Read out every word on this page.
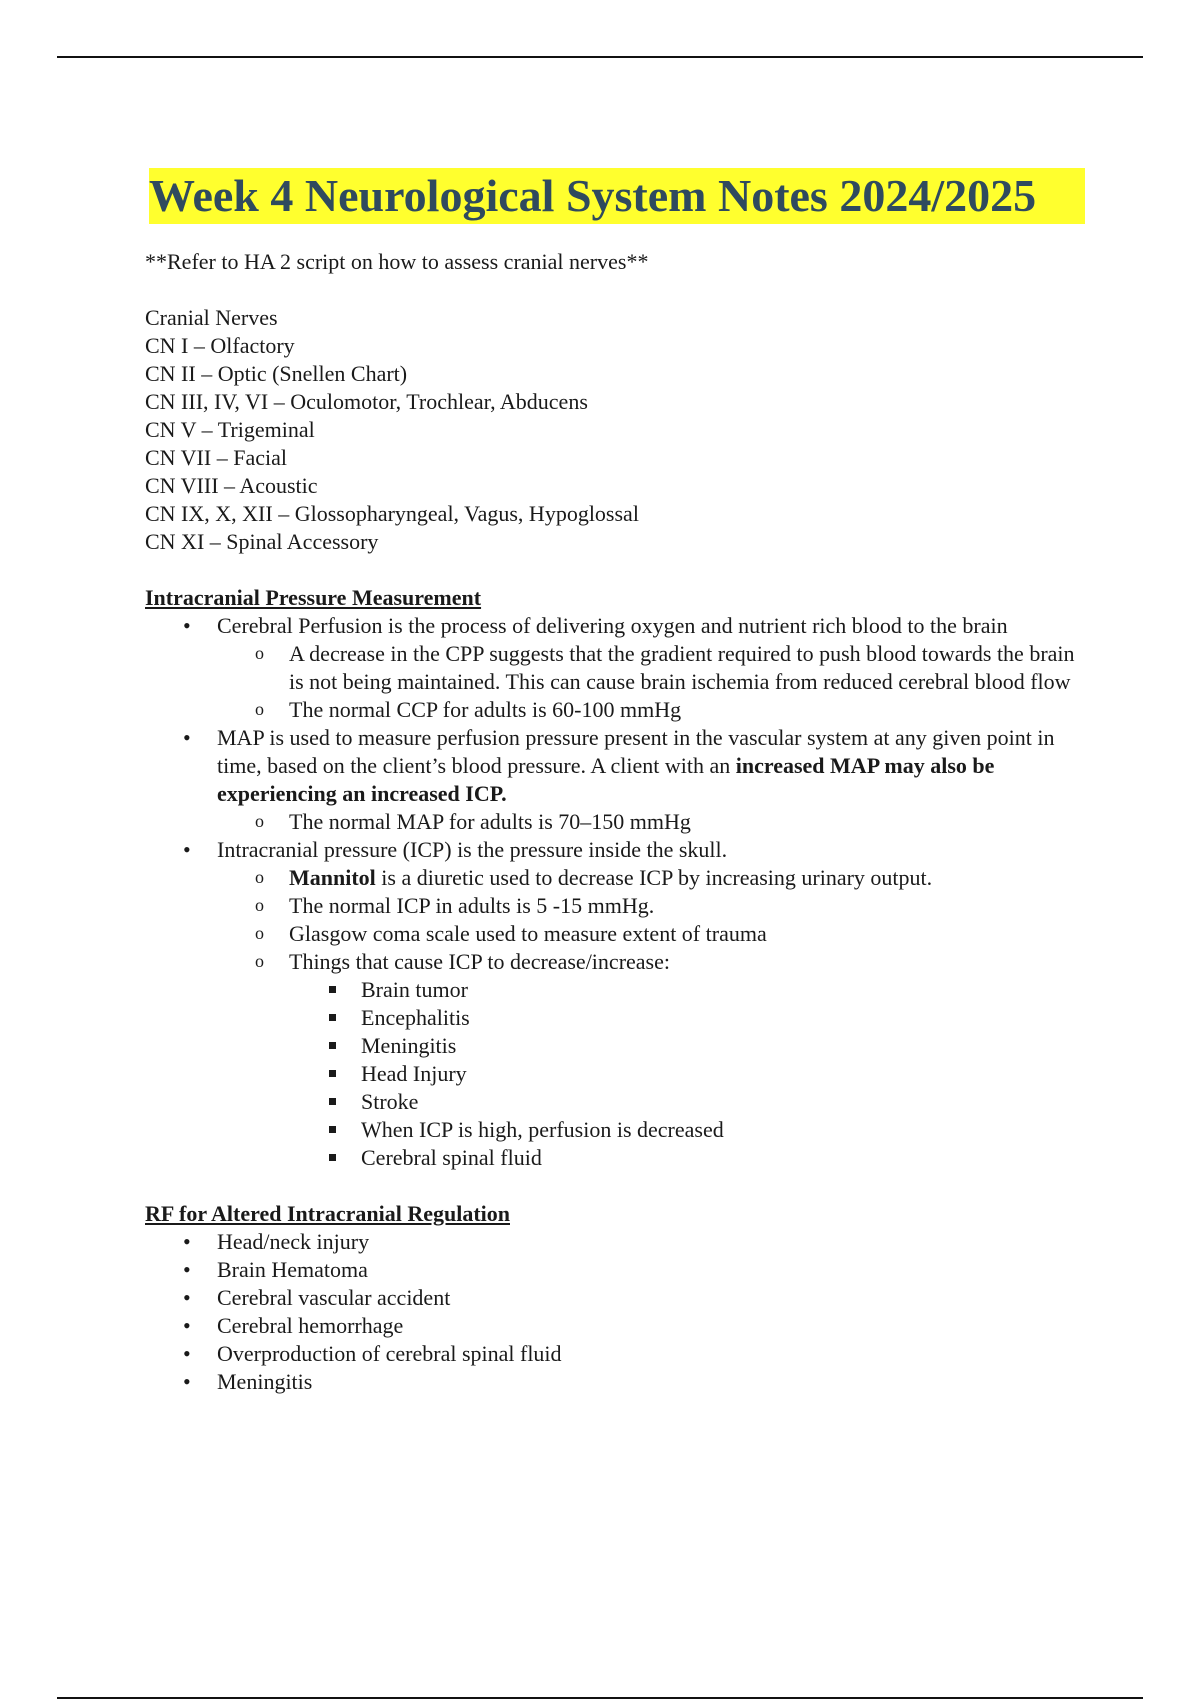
Week 4 Neurological System Notes 2024/2025
**Refer to HA 2 script on how to assess cranial nerves**
Cranial Nerves
CN I – Olfactory
CN II – Optic (Snellen Chart)
CN III, IV, VI – Oculomotor, Trochlear, Abducens
CN V – Trigeminal
CN VII – Facial
CN VIII – Acoustic
CN IX, X, XII – Glossopharyngeal, Vagus, Hypoglossal
CN XI – Spinal Accessory
Intracranial Pressure Measurement
• Cerebral Perfusion is the process of delivering oxygen and nutrient rich blood to the brain
o A decrease in the CPP suggests that the gradient required to push blood towards the brain is not being maintained. This can cause brain ischemia from reduced cerebral blood flow
o The normal CCP for adults is 60-100 mmHg
• MAP is used to measure perfusion pressure present in the vascular system at any given point in time, based on the client’s blood pressure. A client with an increased MAP may also be experiencing an increased ICP.
o The normal MAP for adults is 70–150 mmHg
• Intracranial pressure (ICP) is the pressure inside the skull.
o Mannitol is a diuretic used to decrease ICP by increasing urinary output.
o The normal ICP in adults is 5 -15 mmHg.
o Glasgow coma scale used to measure extent of trauma
o Things that cause ICP to decrease/increase:
Brain tumor
Encephalitis
Meningitis
Head Injury
Stroke
When ICP is high, perfusion is decreased
Cerebral spinal fluid
RF for Altered Intracranial Regulation
• Head/neck injury
• Brain Hematoma
• Cerebral vascular accident
• Cerebral hemorrhage
• Overproduction of cerebral spinal fluid
• Meningitis
